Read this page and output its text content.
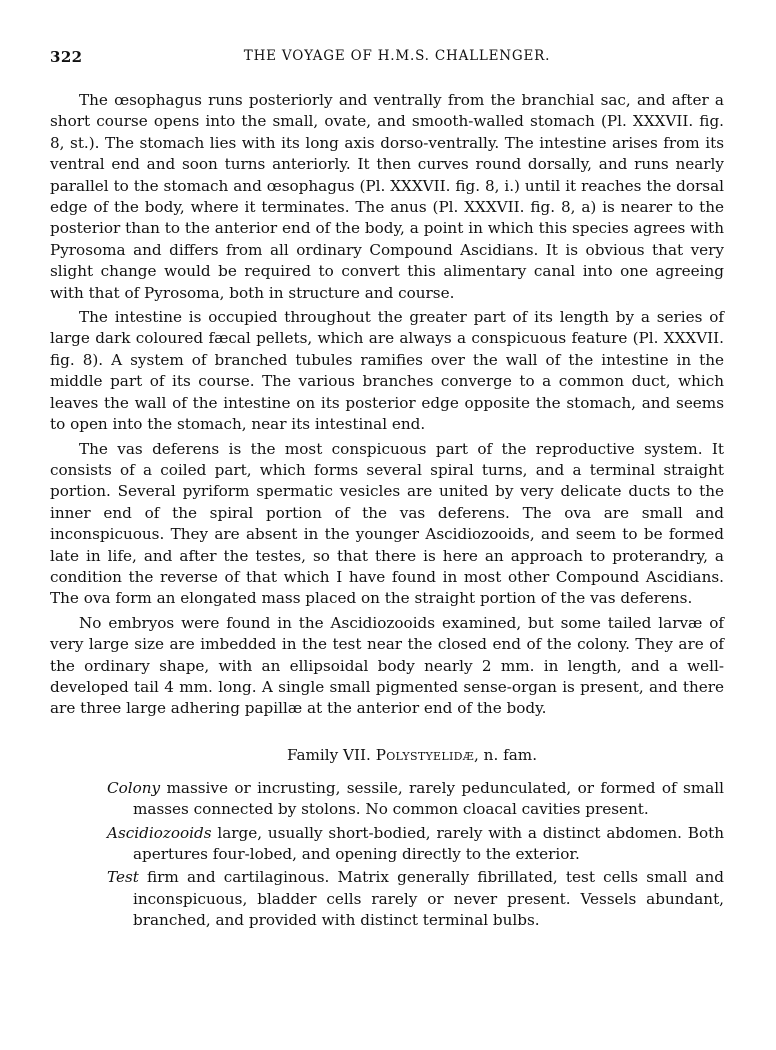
322	THE VOYAGE OF H.M.S. CHALLENGER.

The œsophagus runs posteriorly and ventrally from the branchial sac, and after a short course opens into the small, ovate, and smooth-walled stomach (Pl. XXXVII. fig. 8, st.). The stomach lies with its long axis dorso-ventrally. The intestine arises from its ventral end and soon turns anteriorly. It then curves round dorsally, and runs nearly parallel to the stomach and œsophagus (Pl. XXXVII. fig. 8, i.) until it reaches the dorsal edge of the body, where it terminates. The anus (Pl. XXXVII. fig. 8, a) is nearer to the posterior than to the anterior end of the body, a point in which this species agrees with Pyrosoma and differs from all ordinary Compound Ascidians. It is obvious that very slight change would be required to convert this alimentary canal into one agreeing with that of Pyrosoma, both in structure and course.

The intestine is occupied throughout the greater part of its length by a series of large dark coloured fæcal pellets, which are always a conspicuous feature (Pl. XXXVII. fig. 8). A system of branched tubules ramifies over the wall of the intestine in the middle part of its course. The various branches converge to a common duct, which leaves the wall of the intestine on its posterior edge opposite the stomach, and seems to open into the stomach, near its intestinal end.

The vas deferens is the most conspicuous part of the reproductive system. It consists of a coiled part, which forms several spiral turns, and a terminal straight portion. Several pyriform spermatic vesicles are united by very delicate ducts to the inner end of the spiral portion of the vas deferens. The ova are small and inconspicuous. They are absent in the younger Ascidiozooids, and seem to be formed late in life, and after the testes, so that there is here an approach to proterandry, a condition the reverse of that which I have found in most other Compound Ascidians. The ova form an elongated mass placed on the straight portion of the vas deferens.

No embryos were found in the Ascidiozooids examined, but some tailed larvæ of very large size are imbedded in the test near the closed end of the colony. They are of the ordinary shape, with an ellipsoidal body nearly 2 mm. in length, and a well-developed tail 4 mm. long. A single small pigmented sense-organ is present, and there are three large adhering papillæ at the anterior end of the body.

Family VII. Polystyelidæ, n. fam.

Colony massive or incrusting, sessile, rarely pedunculated, or formed of small masses connected by stolons. No common cloacal cavities present.

Ascidiozooids large, usually short-bodied, rarely with a distinct abdomen. Both apertures four-lobed, and opening directly to the exterior.

Test firm and cartilaginous. Matrix generally fibrillated, test cells small and inconspicuous, bladder cells rarely or never present. Vessels abundant, branched, and provided with distinct terminal bulbs.
